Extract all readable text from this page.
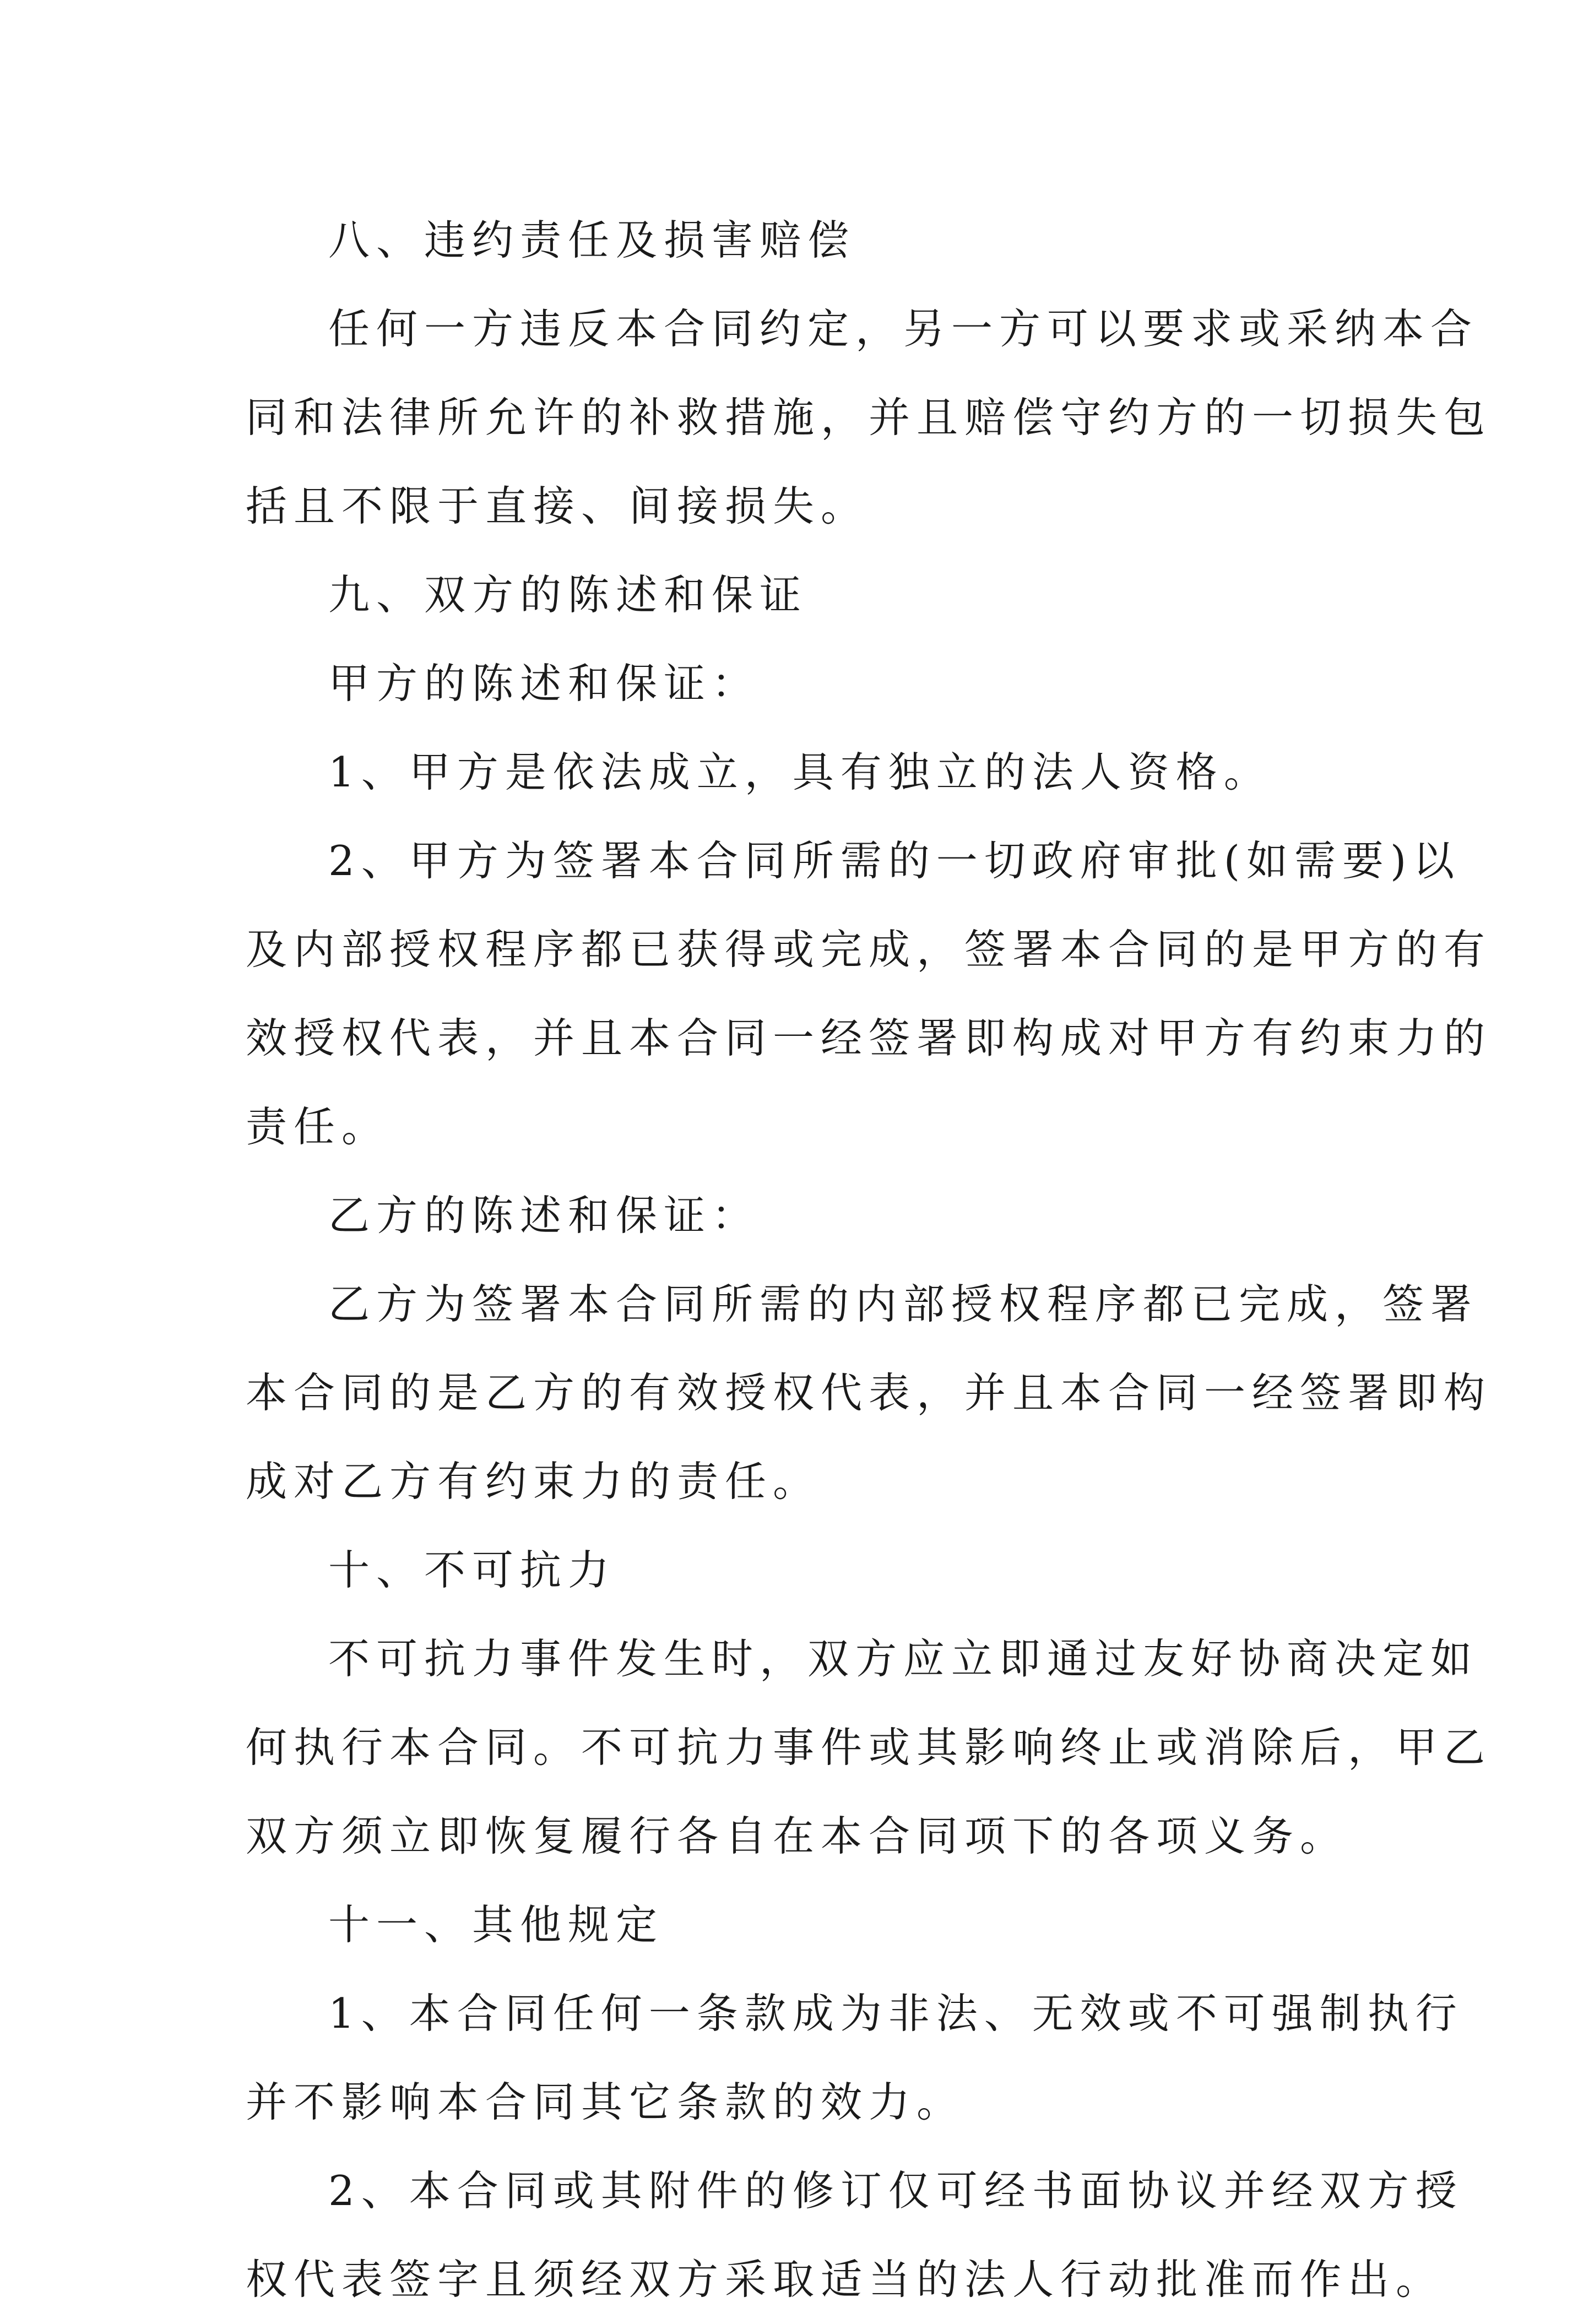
八、违约责任及损害赔偿
任何一方违反本合同约定，另一方可以要求或采纳本合
同和法律所允许的补救措施，并且赔偿守约方的一切损失包
括且不限于直接、间接损失。
九、双方的陈述和保证
甲方的陈述和保证：
1、甲方是依法成立，具有独立的法人资格。
2、甲方为签署本合同所需的一切政府审批(如需要)以
及内部授权程序都已获得或完成，签署本合同的是甲方的有
效授权代表，并且本合同一经签署即构成对甲方有约束力的
责任。
乙方的陈述和保证：
乙方为签署本合同所需的内部授权程序都已完成，签署
本合同的是乙方的有效授权代表，并且本合同一经签署即构
成对乙方有约束力的责任。
十、不可抗力
不可抗力事件发生时，双方应立即通过友好协商决定如
何执行本合同。不可抗力事件或其影响终止或消除后，甲乙
双方须立即恢复履行各自在本合同项下的各项义务。
十一、其他规定
1、本合同任何一条款成为非法、无效或不可强制执行
并不影响本合同其它条款的效力。
2、本合同或其附件的修订仅可经书面协议并经双方授
权代表签字且须经双方采取适当的法人行动批准而作出。
